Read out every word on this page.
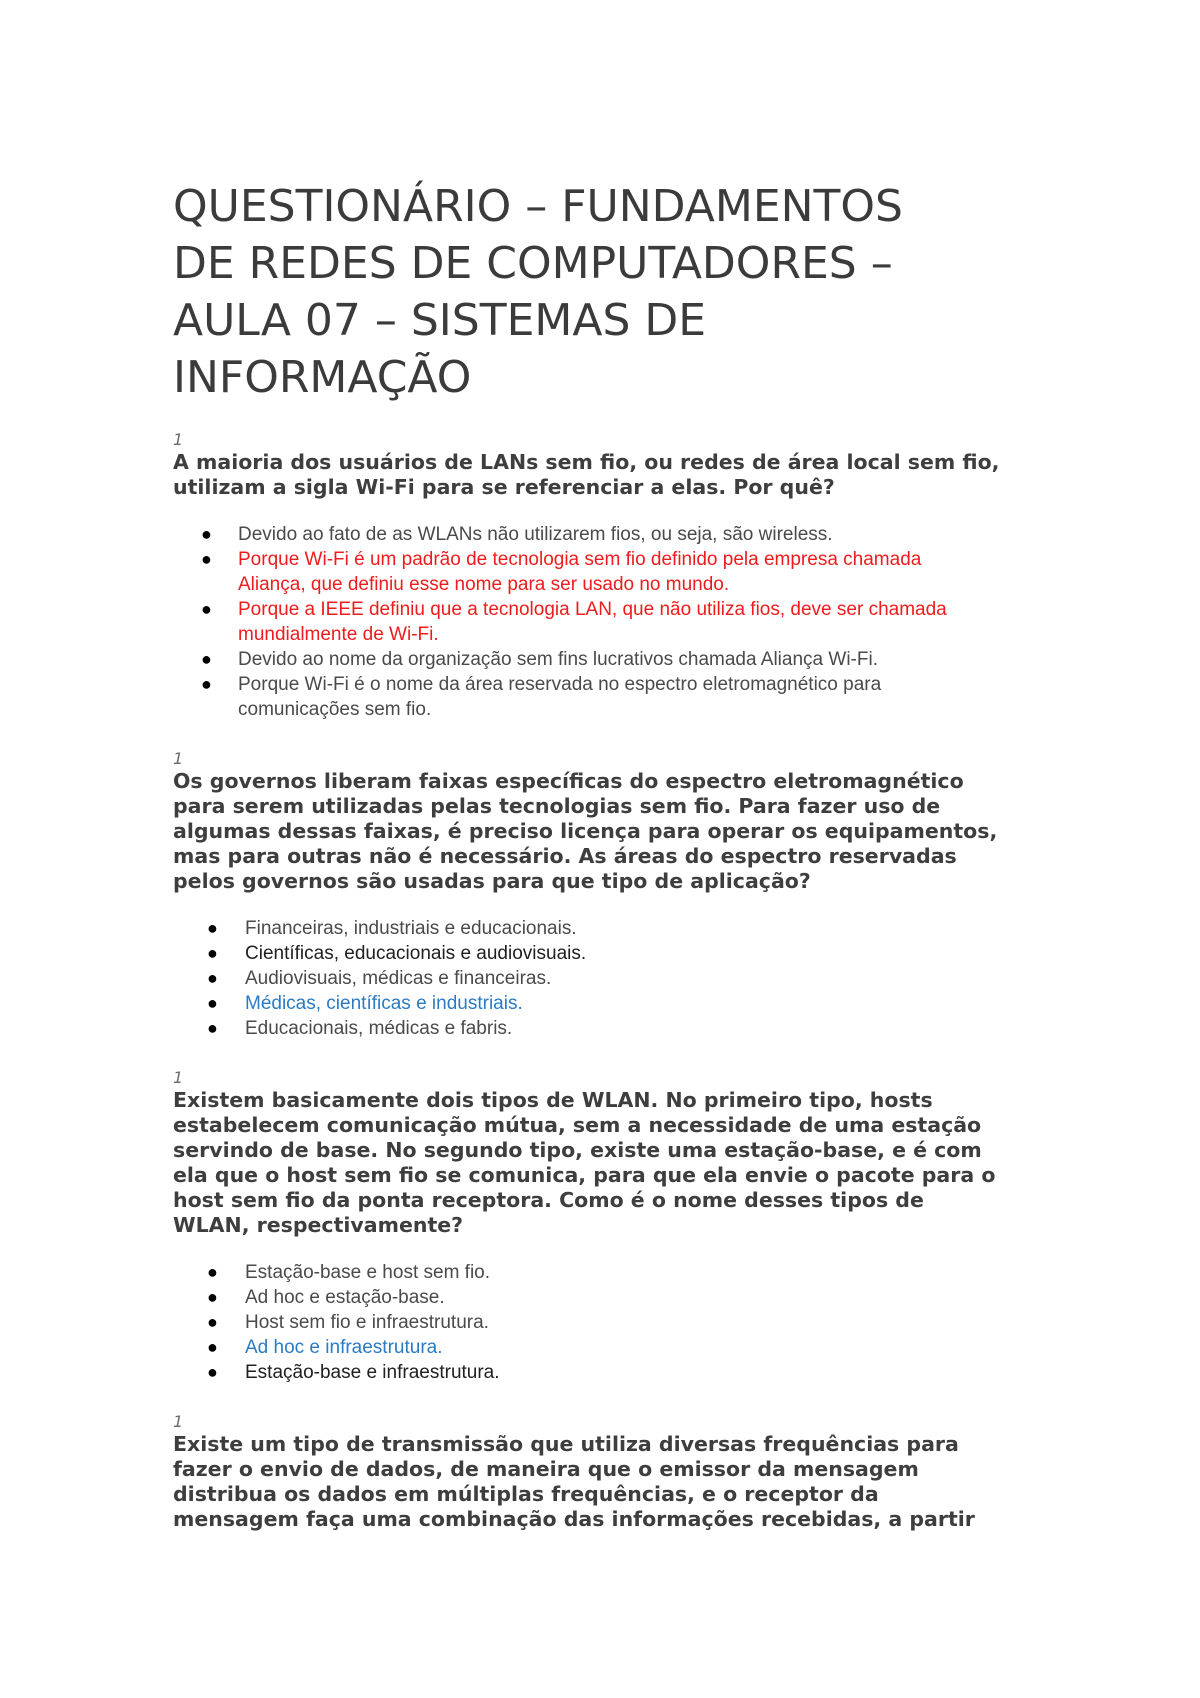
QUESTIONÁRIO – FUNDAMENTOS
DE REDES DE COMPUTADORES –
AULA 07 – SISTEMAS DE
INFORMAÇÃO

1

A maioria dos usuários de LANs sem fio, ou redes de área local sem fio,
utilizam a sigla Wi-Fi para se referenciar a elas. Por quê?
● Devido ao fato de as WLANs não utilizarem fios, ou seja, são wireless.
● Porque Wi-Fi é um padrão de tecnologia sem fio definido pela empresa chamada
Aliança, que definiu esse nome para ser usado no mundo.
● Porque a IEEE definiu que a tecnologia LAN, que não utiliza fios, deve ser chamada
mundialmente de Wi-Fi.
● Devido ao nome da organização sem fins lucrativos chamada Aliança Wi-Fi.
● Porque Wi-Fi é o nome da área reservada no espectro eletromagnético para
comunicações sem fio.

1

Os governos liberam faixas específicas do espectro eletromagnético
para serem utilizadas pelas tecnologias sem fio. Para fazer uso de
algumas dessas faixas, é preciso licença para operar os equipamentos,
mas para outras não é necessário. As áreas do espectro reservadas
pelos governos são usadas para que tipo de aplicação?
● Financeiras, industriais e educacionais.
● Científicas, educacionais e audiovisuais.
● Audiovisuais, médicas e financeiras.
● Médicas, científicas e industriais.
● Educacionais, médicas e fabris.

1

Existem basicamente dois tipos de WLAN. No primeiro tipo, hosts
estabelecem comunicação mútua, sem a necessidade de uma estação
servindo de base. No segundo tipo, existe uma estação-base, e é com
ela que o host sem fio se comunica, para que ela envie o pacote para o
host sem fio da ponta receptora. Como é o nome desses tipos de
WLAN, respectivamente?
● Estação-base e host sem fio.
● Ad hoc e estação-base.
● Host sem fio e infraestrutura.
● Ad hoc e infraestrutura.
● Estação-base e infraestrutura.

1

Existe um tipo de transmissão que utiliza diversas frequências para
fazer o envio de dados, de maneira que o emissor da mensagem
distribua os dados em múltiplas frequências, e o receptor da
mensagem faça uma combinação das informações recebidas, a partir
